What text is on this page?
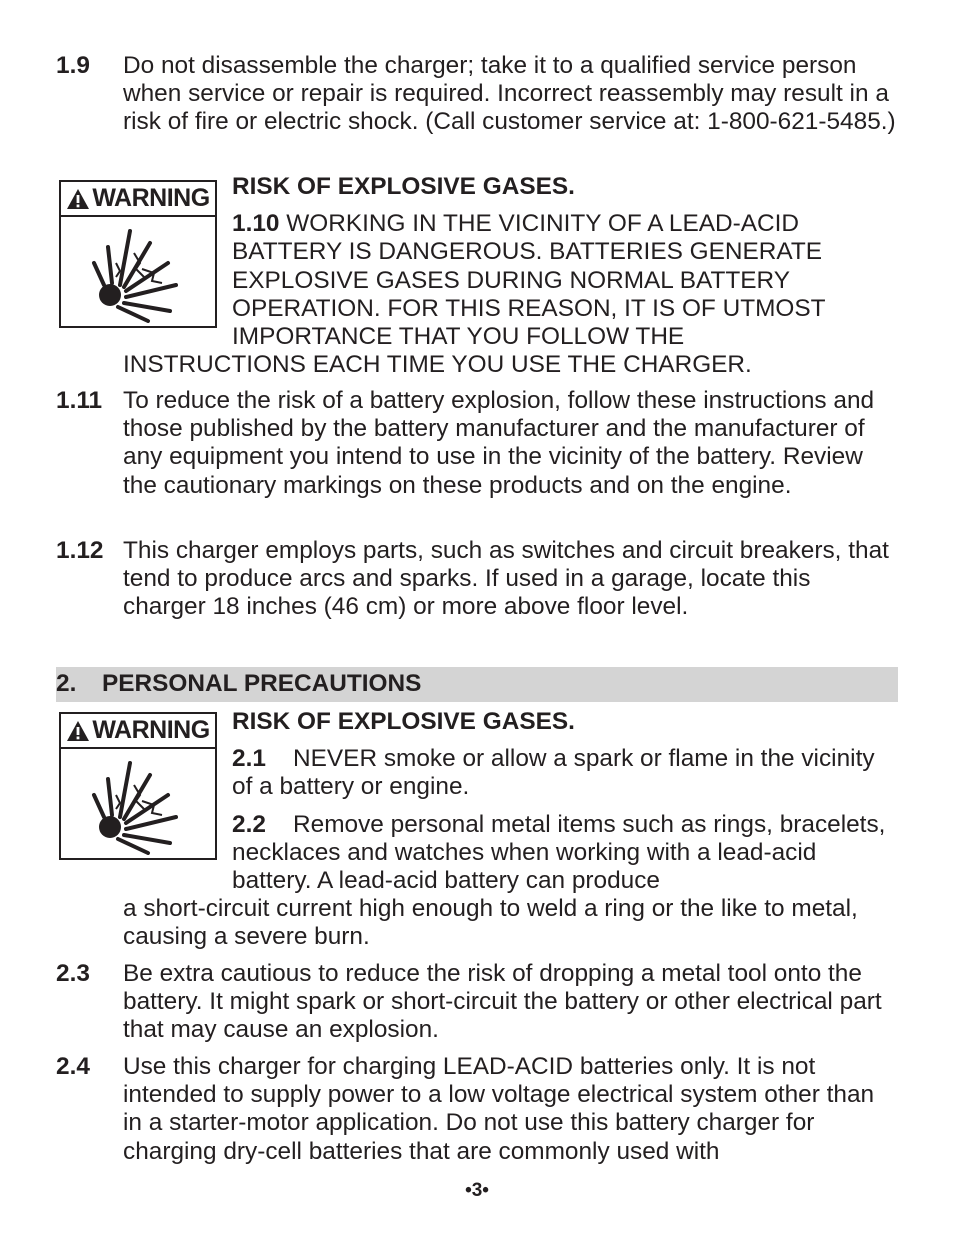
1.9 Do not disassemble the charger; take it to a qualified service person when service or repair is required. Incorrect reassembly may result in a risk of fire or electric shock. (Call customer service at: 1-800-621-5485.)
WARNING RISK OF EXPLOSIVE GASES.
1.10 WORKING IN THE VICINITY OF A LEAD-ACID BATTERY IS DANGEROUS. BATTERIES GENERATE EXPLOSIVE GASES DURING NORMAL BATTERY OPERATION. FOR THIS REASON, IT IS OF UTMOST IMPORTANCE THAT YOU FOLLOW THE
INSTRUCTIONS EACH TIME YOU USE THE CHARGER.
1.11 To reduce the risk of a battery explosion, follow these instructions and those published by the battery manufacturer and the manufacturer of any equipment you intend to use in the vicinity of the battery. Review the cautionary markings on these products and on the engine.
1.12 This charger employs parts, such as switches and circuit breakers, that tend to produce arcs and sparks. If used in a garage, locate this charger 18 inches (46 cm) or more above floor level.
2.	PERSONAL PRECAUTIONS
WARNING RISK OF EXPLOSIVE GASES.
2.1 NEVER smoke or allow a spark or flame in the vicinity of a battery or engine.
2.2 Remove personal metal items such as rings, bracelets, necklaces and watches when working with a lead-acid battery. A lead-acid battery can produce
a short-circuit current high enough to weld a ring or the like to metal, causing a severe burn.
2.3 Be extra cautious to reduce the risk of dropping a metal tool onto the battery. It might spark or short-circuit the battery or other electrical part that may cause an explosion.
2.4 Use this charger for charging LEAD-ACID batteries only. It is not intended to supply power to a low voltage electrical system other than in a starter-motor application. Do not use this battery charger for charging dry-cell batteries that are commonly used with
•3•
